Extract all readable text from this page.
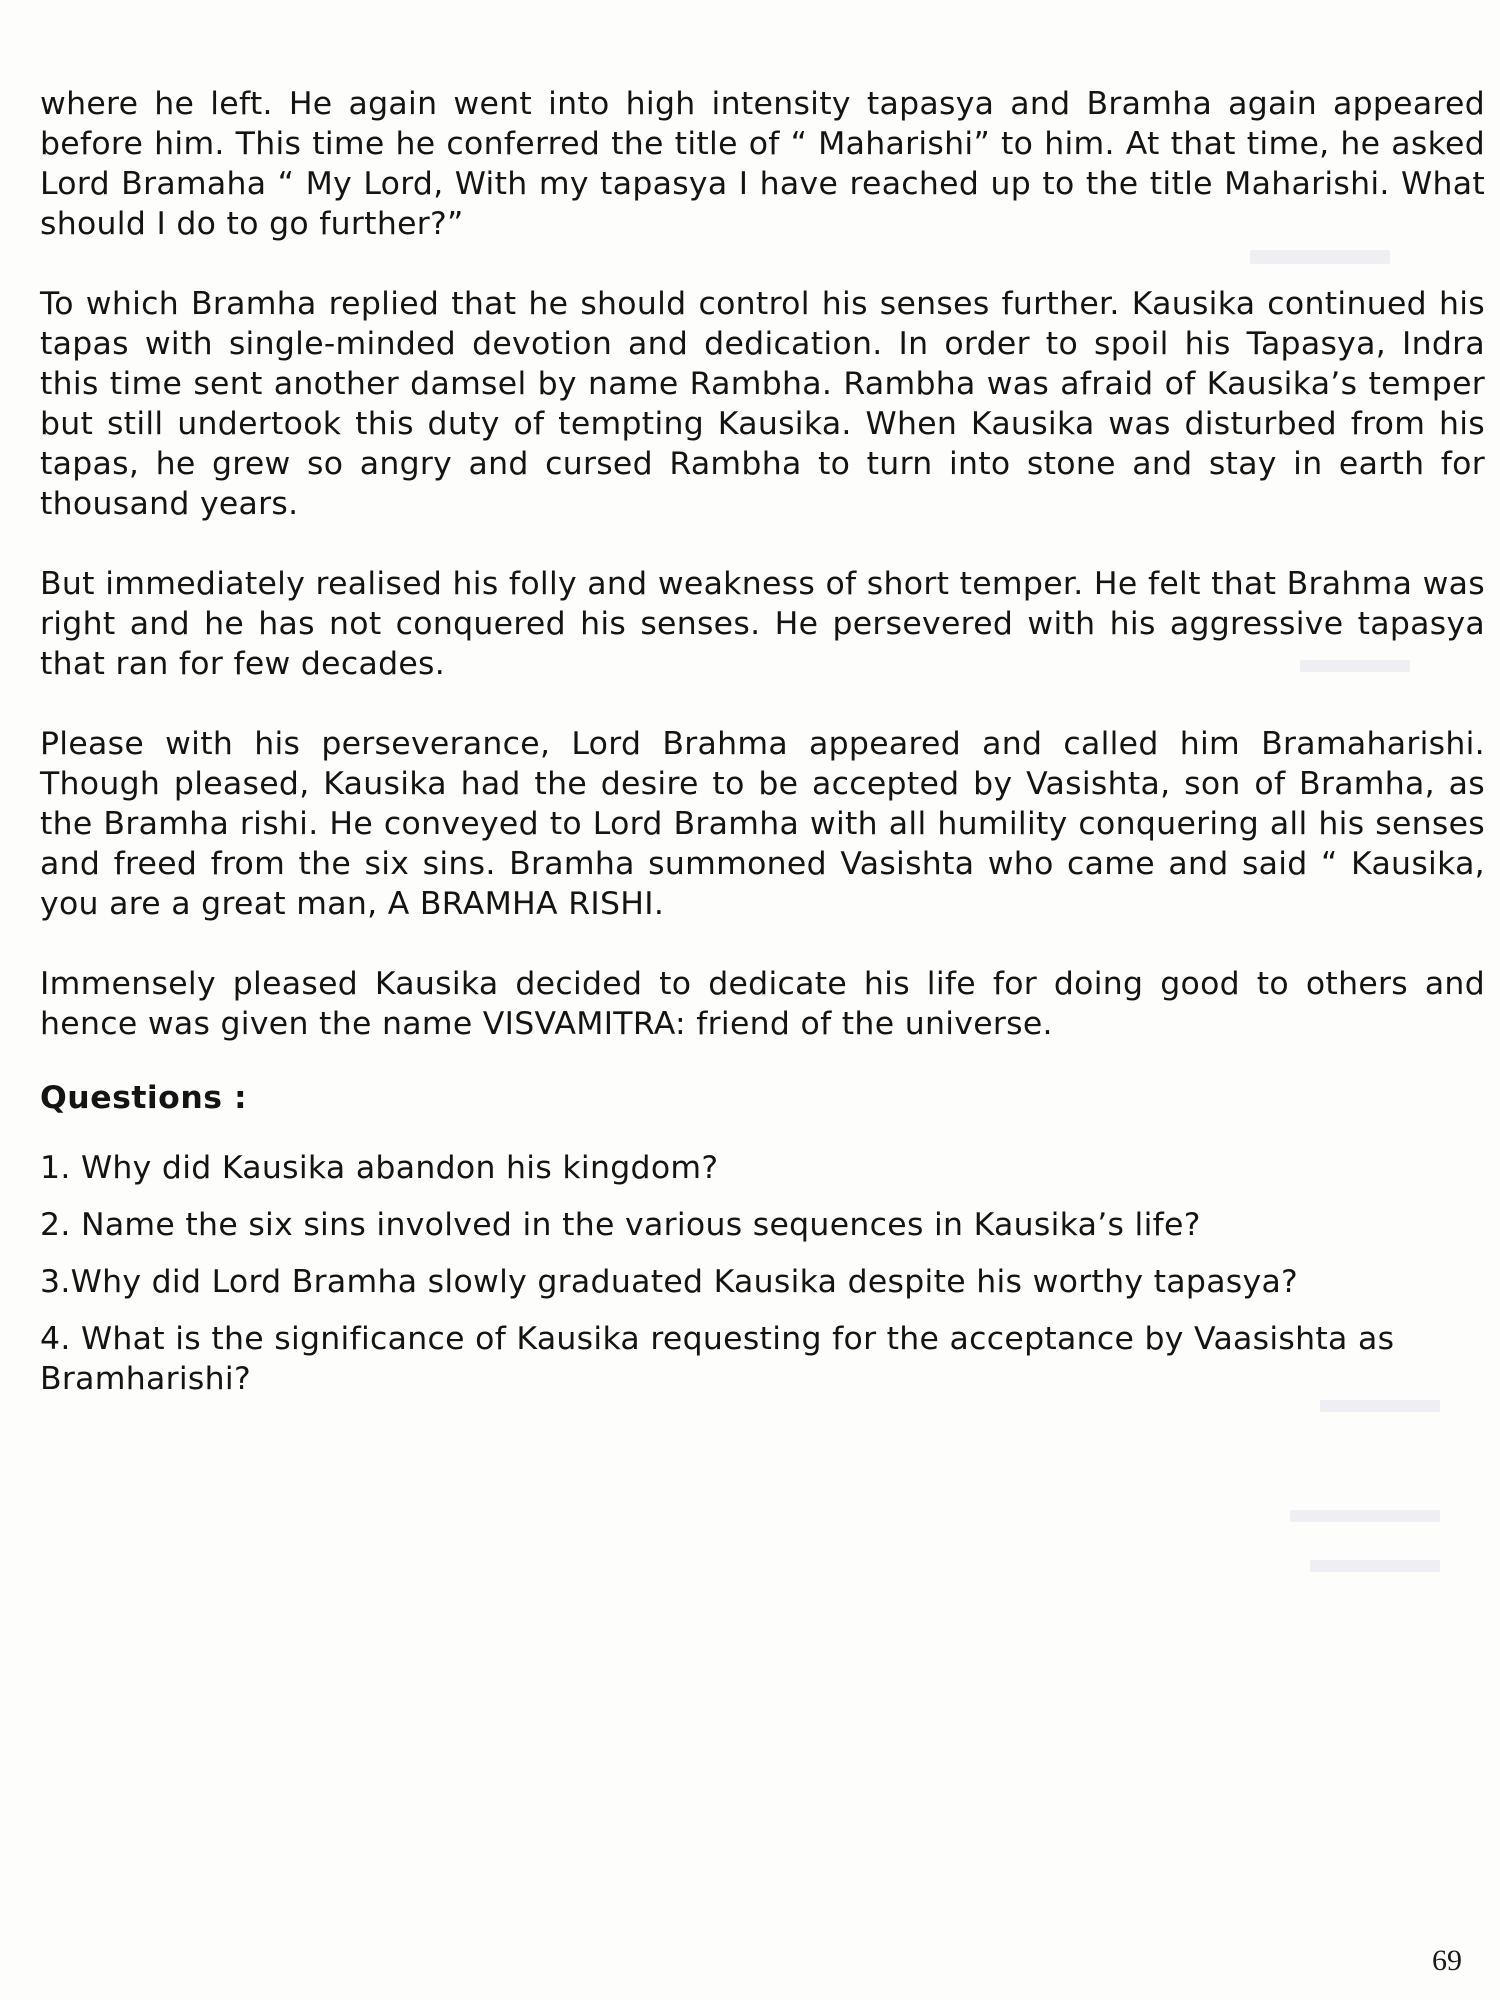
where he left. He again went into high intensity tapasya and Bramha again appeared before him. This time he conferred the title of “ Maharishi” to him. At that time, he asked Lord Bramaha “ My Lord, With my tapasya I have reached up to the title Maharishi. What should I do to go further?”

To which Bramha replied that he should control his senses further. Kausika continued his tapas with single-minded devotion and dedication. In order to spoil his Tapasya, Indra this time sent another damsel by name Rambha. Rambha was afraid of Kausika’s temper but still undertook this duty of tempting Kausika. When Kausika was disturbed from his tapas, he grew so angry and cursed Rambha to turn into stone and stay in earth for thousand years.

But immediately realised his folly and weakness of short temper. He felt that Brahma was right and he has not conquered his senses. He persevered with his aggressive tapasya that ran for few decades.

Please with his perseverance, Lord Brahma appeared and called him Bramaharishi. Though pleased, Kausika had the desire to be accepted by Vasishta, son of Bramha, as the Bramha rishi. He conveyed to Lord Bramha with all humility conquering all his senses and freed from the six sins. Bramha summoned Vasishta who came and said “ Kausika, you are a great man, A BRAMHA RISHI.

Immensely pleased Kausika decided to dedicate his life for doing good to others and hence was given the name VISVAMITRA: friend of the universe.

Questions :
1. Why did Kausika abandon his kingdom?
2. Name the six sins involved in the various sequences in Kausika’s life?
3.Why did Lord Bramha slowly graduated Kausika despite his worthy tapasya?
4. What is the significance of Kausika requesting for the acceptance by Vaasishta as Bramharishi?
69
